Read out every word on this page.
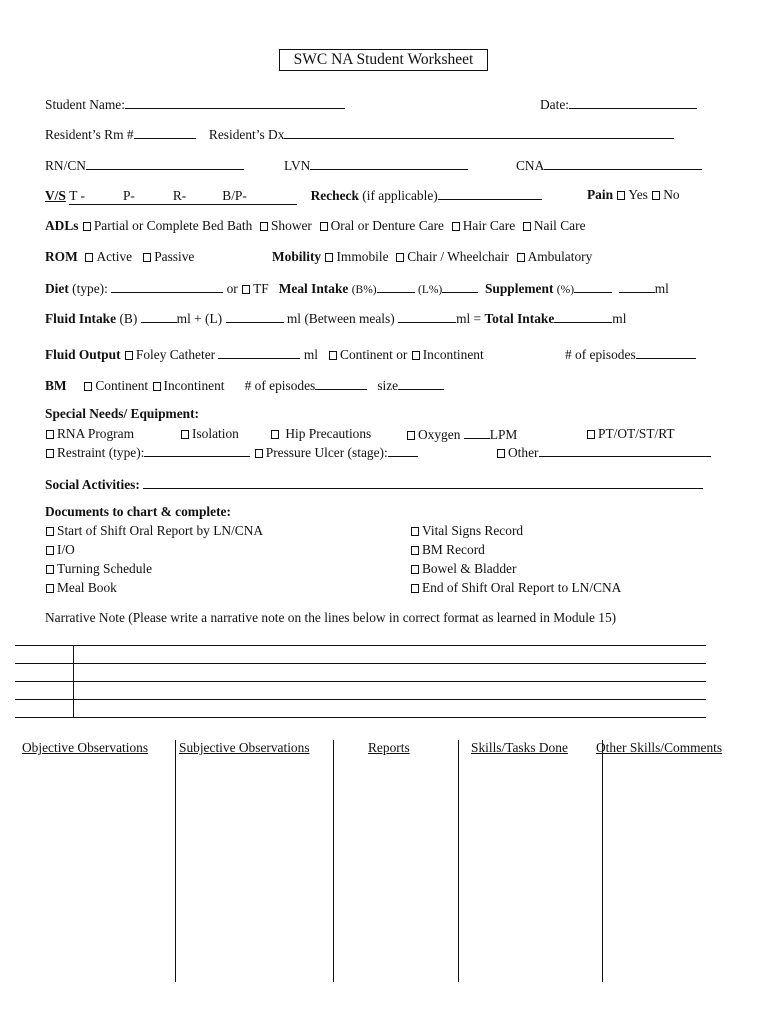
SWC NA Student Worksheet
Student Name:	Date:
Resident’s Rm #	Resident’s Dx
RN/CN	LVN	CNA
V/S T -	P-	R-	B/P-	Recheck (if applicable)	Pain Yes No
ADLs Partial or Complete Bed Bath Shower Oral or Denture Care Hair Care Nail Care
ROM Active Passive	Mobility Immobile Chair / Wheelchair Ambulatory
Diet (type):	or TF Meal Intake (B%)	(L%)	Supplement (%)	ml
Fluid Intake (B)	ml + (L)	ml (Between meals)	ml = Total Intake	ml
Fluid Output Foley Catheter	ml Continent or Incontinent	# of episodes
BM Continent Incontinent # of episodes	size
Special Needs/ Equipment:
RNA Program	Isolation	Hip Precautions	Oxygen LPM	PT/OT/ST/RT
Restraint (type):	Pressure Ulcer (stage):	Other
Social Activities:
Documents to chart & complete:
Start of Shift Oral Report by LN/CNA
I/O
Turning Schedule
Meal Book
Vital Signs Record
BM Record
Bowel & Bladder
End of Shift Oral Report to LN/CNA
Narrative Note (Please write a narrative note on the lines below in correct format as learned in Module 15)
Objective Observations Subjective Observations	Reports	Skills/Tasks Done Other Skills/Comments
